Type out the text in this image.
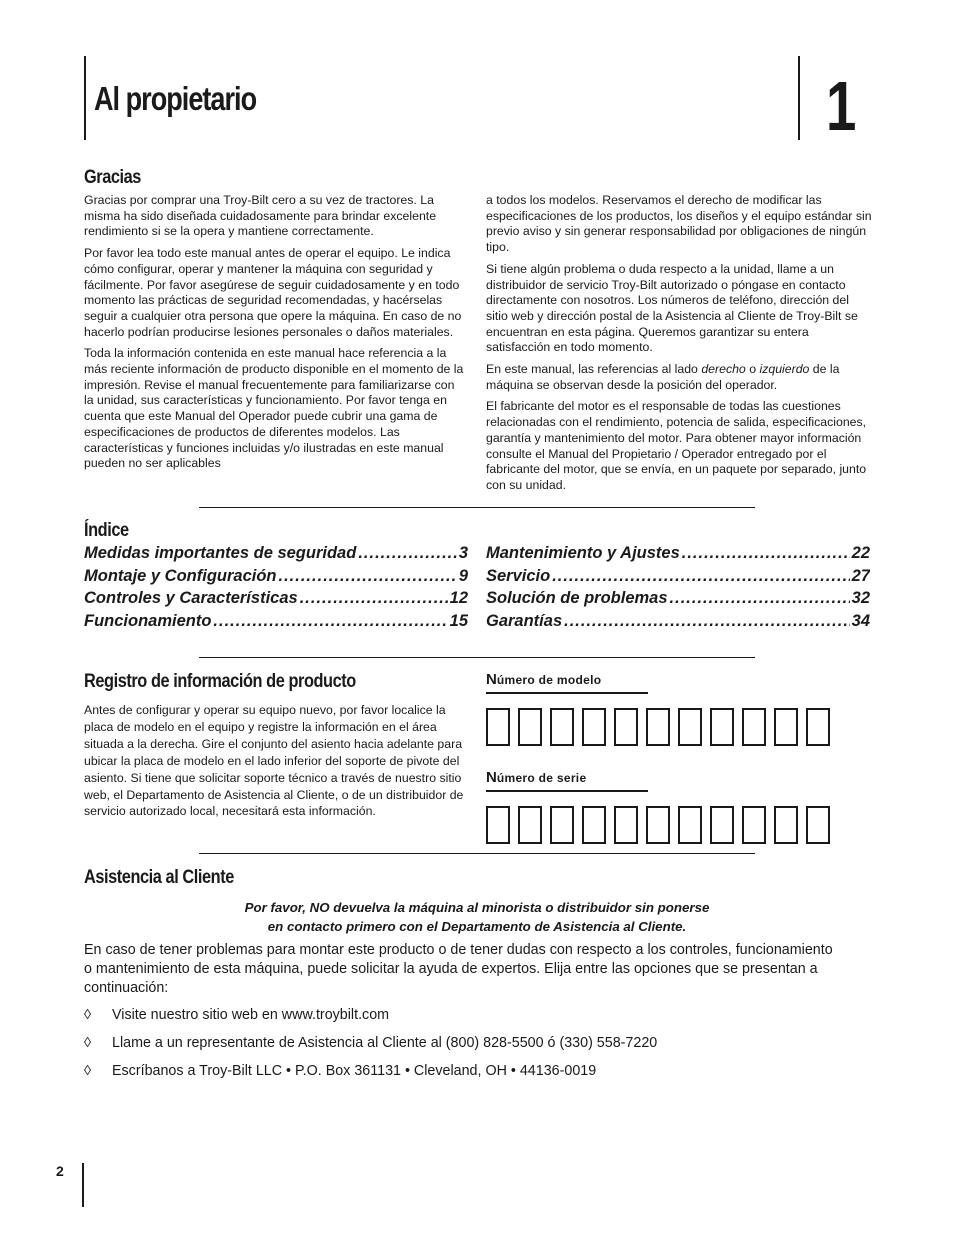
Al propietario	1
Gracias

Gracias por comprar una Troy-Bilt cero a su vez de tractores. La misma ha sido diseñada cuidadosamente para brindar excelente rendimiento si se la opera y mantiene correctamente.

Por favor lea todo este manual antes de operar el equipo. Le indica cómo configurar, operar y mantener la máquina con seguridad y fácilmente. Por favor asegúrese de seguir cuidadosamente y en todo momento las prácticas de seguridad recomendadas, y hacérselas seguir a cualquier otra persona que opere la máquina. En caso de no hacerlo podrían producirse lesiones personales o daños materiales.

Toda la información contenida en este manual hace referencia a la más reciente información de producto disponible en el momento de la impresión. Revise el manual frecuentemente para familiarizarse con la unidad, sus características y funcionamiento. Por favor tenga en cuenta que este Manual del Operador puede cubrir una gama de especificaciones de productos de diferentes modelos. Las características y funciones incluidas y/o ilustradas en este manual pueden no ser aplicables

a todos los modelos. Reservamos el derecho de modificar las especificaciones de los productos, los diseños y el equipo estándar sin previo aviso y sin generar responsabilidad por obligaciones de ningún tipo.

Si tiene algún problema o duda respecto a la unidad, llame a un distribuidor de servicio Troy-Bilt autorizado o póngase en contacto directamente con nosotros. Los números de teléfono, dirección del sitio web y dirección postal de la Asistencia al Cliente de Troy-Bilt se encuentran en esta página. Queremos garantizar su entera satisfacción en todo momento.

En este manual, las referencias al lado derecho o izquierdo de la máquina se observan desde la posición del operador.

El fabricante del motor es el responsable de todas las cuestiones relacionadas con el rendimiento, potencia de salida, especificaciones, garantía y mantenimiento del motor. Para obtener mayor información consulte el Manual del Propietario / Operador entregado por el fabricante del motor, que se envía, en un paquete por separado, junto con su unidad.

Índice
Medidas importantes de seguridad .....	3
Montaje y Configuración .....	9
Controles y Características .....	12
Funcionamiento .....	15
Mantenimiento y Ajustes .....	22
Servicio .....	27
Solución de problemas .....	32
Garantías .....	34
Registro de información de producto
Antes de configurar y operar su equipo nuevo, por favor localice la placa de modelo en el equipo y registre la información en el área situada a la derecha. Gire el conjunto del asiento hacia adelante para ubicar la placa de modelo en el lado inferior del soporte de pivote del asiento. Si tiene que solicitar soporte técnico a través de nuestro sitio web, el Departamento de Asistencia al Cliente, o de un distribuidor de servicio autorizado local, necesitará esta información.
Número de modelo
Número de serie
Asistencia al Cliente
Por favor, NO devuelva la máquina al minorista o distribuidor sin ponerse
en contacto primero con el Departamento de Asistencia al Cliente.
En caso de tener problemas para montar este producto o de tener dudas con respecto a los controles, funcionamiento o mantenimiento de esta máquina, puede solicitar la ayuda de expertos. Elija entre las opciones que se presentan a continuación:
◊	Visite nuestro sitio web en www.troybilt.com
◊	Llame a un representante de Asistencia al Cliente al (800) 828-5500 ó (330) 558-7220
◊	Escríbanos a Troy-Bilt LLC • P.O. Box 361131 • Cleveland, OH • 44136-0019
2
